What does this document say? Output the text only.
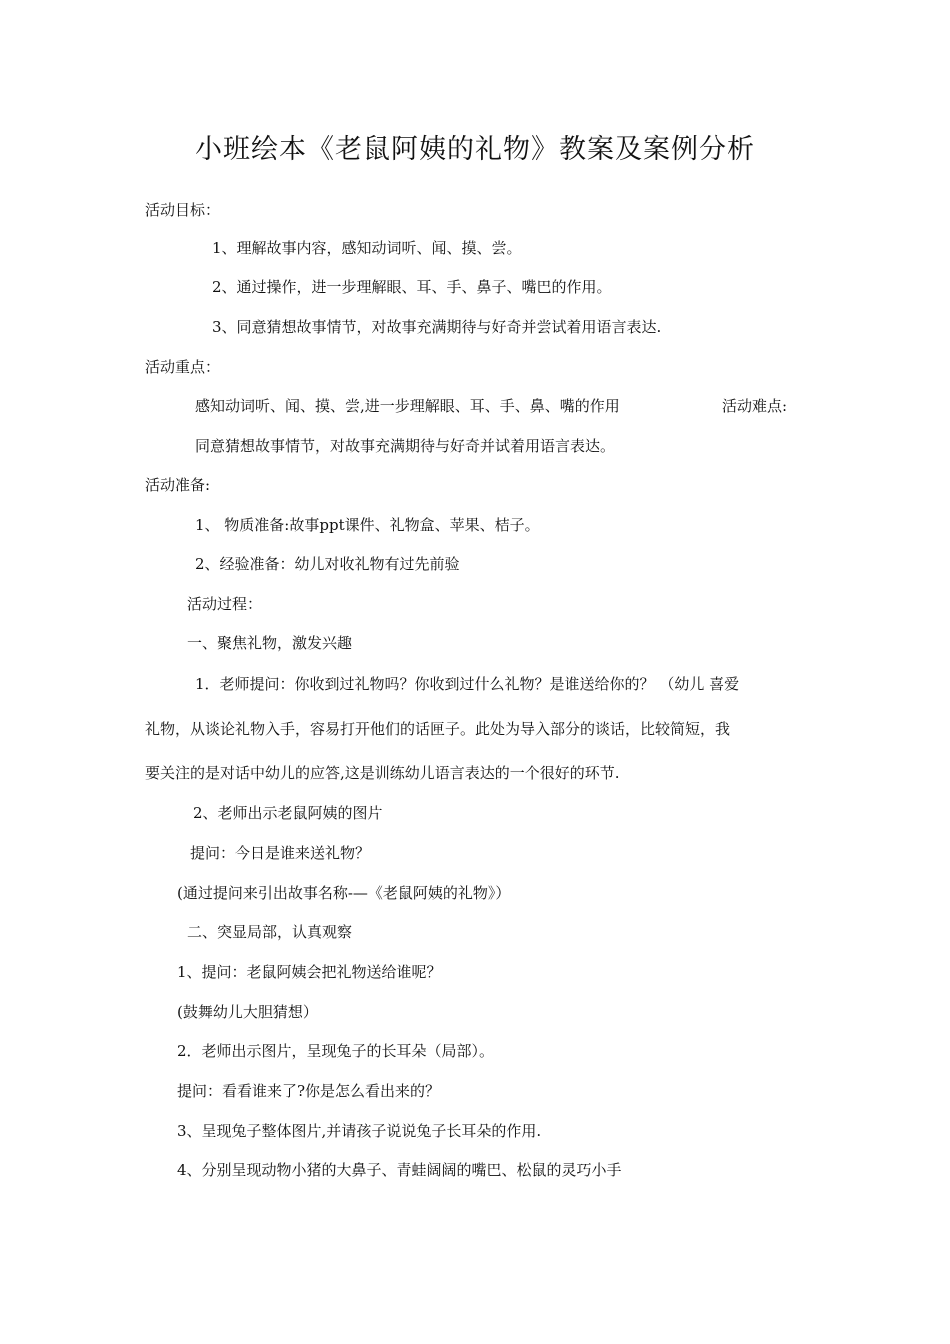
小班绘本《老鼠阿姨的礼物》教案及案例分析
活动目标：
1、理解故事内容，感知动词听、闻、摸、尝。
2、通过操作，进一步理解眼、耳、手、鼻子、嘴巴的作用。
3、同意猜想故事情节，对故事充满期待与好奇并尝试着用语言表达.
活动重点：
感知动词听、闻、摸、尝,进一步理解眼、耳、手、鼻、嘴的作用	活动难点:
同意猜想故事情节，对故事充满期待与好奇并试着用语言表达。
活动准备:
1、 物质准备:故事ppt课件、礼物盒、苹果、桔子。
2、经验准备：幼儿对收礼物有过先前验
活动过程：
一、聚焦礼物，激发兴趣
1．老师提问：你收到过礼物吗？你收到过什么礼物？是谁送给你的？ （幼儿 喜爱
礼物，从谈论礼物入手，容易打开他们的话匣子。此处为导入部分的谈话，比较简短，我
要关注的是对话中幼儿的应答,这是训练幼儿语言表达的一个很好的环节.
2、老师出示老鼠阿姨的图片
提问：今日是谁来送礼物？
(通过提问来引出故事名称-—《老鼠阿姨的礼物》）
二、突显局部，认真观察
1、提问：老鼠阿姨会把礼物送给谁呢？
(鼓舞幼儿大胆猜想）
2．老师出示图片，呈现兔子的长耳朵（局部）。
提问：看看谁来了?你是怎么看出来的？
3、呈现兔子整体图片,并请孩子说说兔子长耳朵的作用.
4、分别呈现动物小猪的大鼻子、青蛙阔阔的嘴巴、松鼠的灵巧小手
